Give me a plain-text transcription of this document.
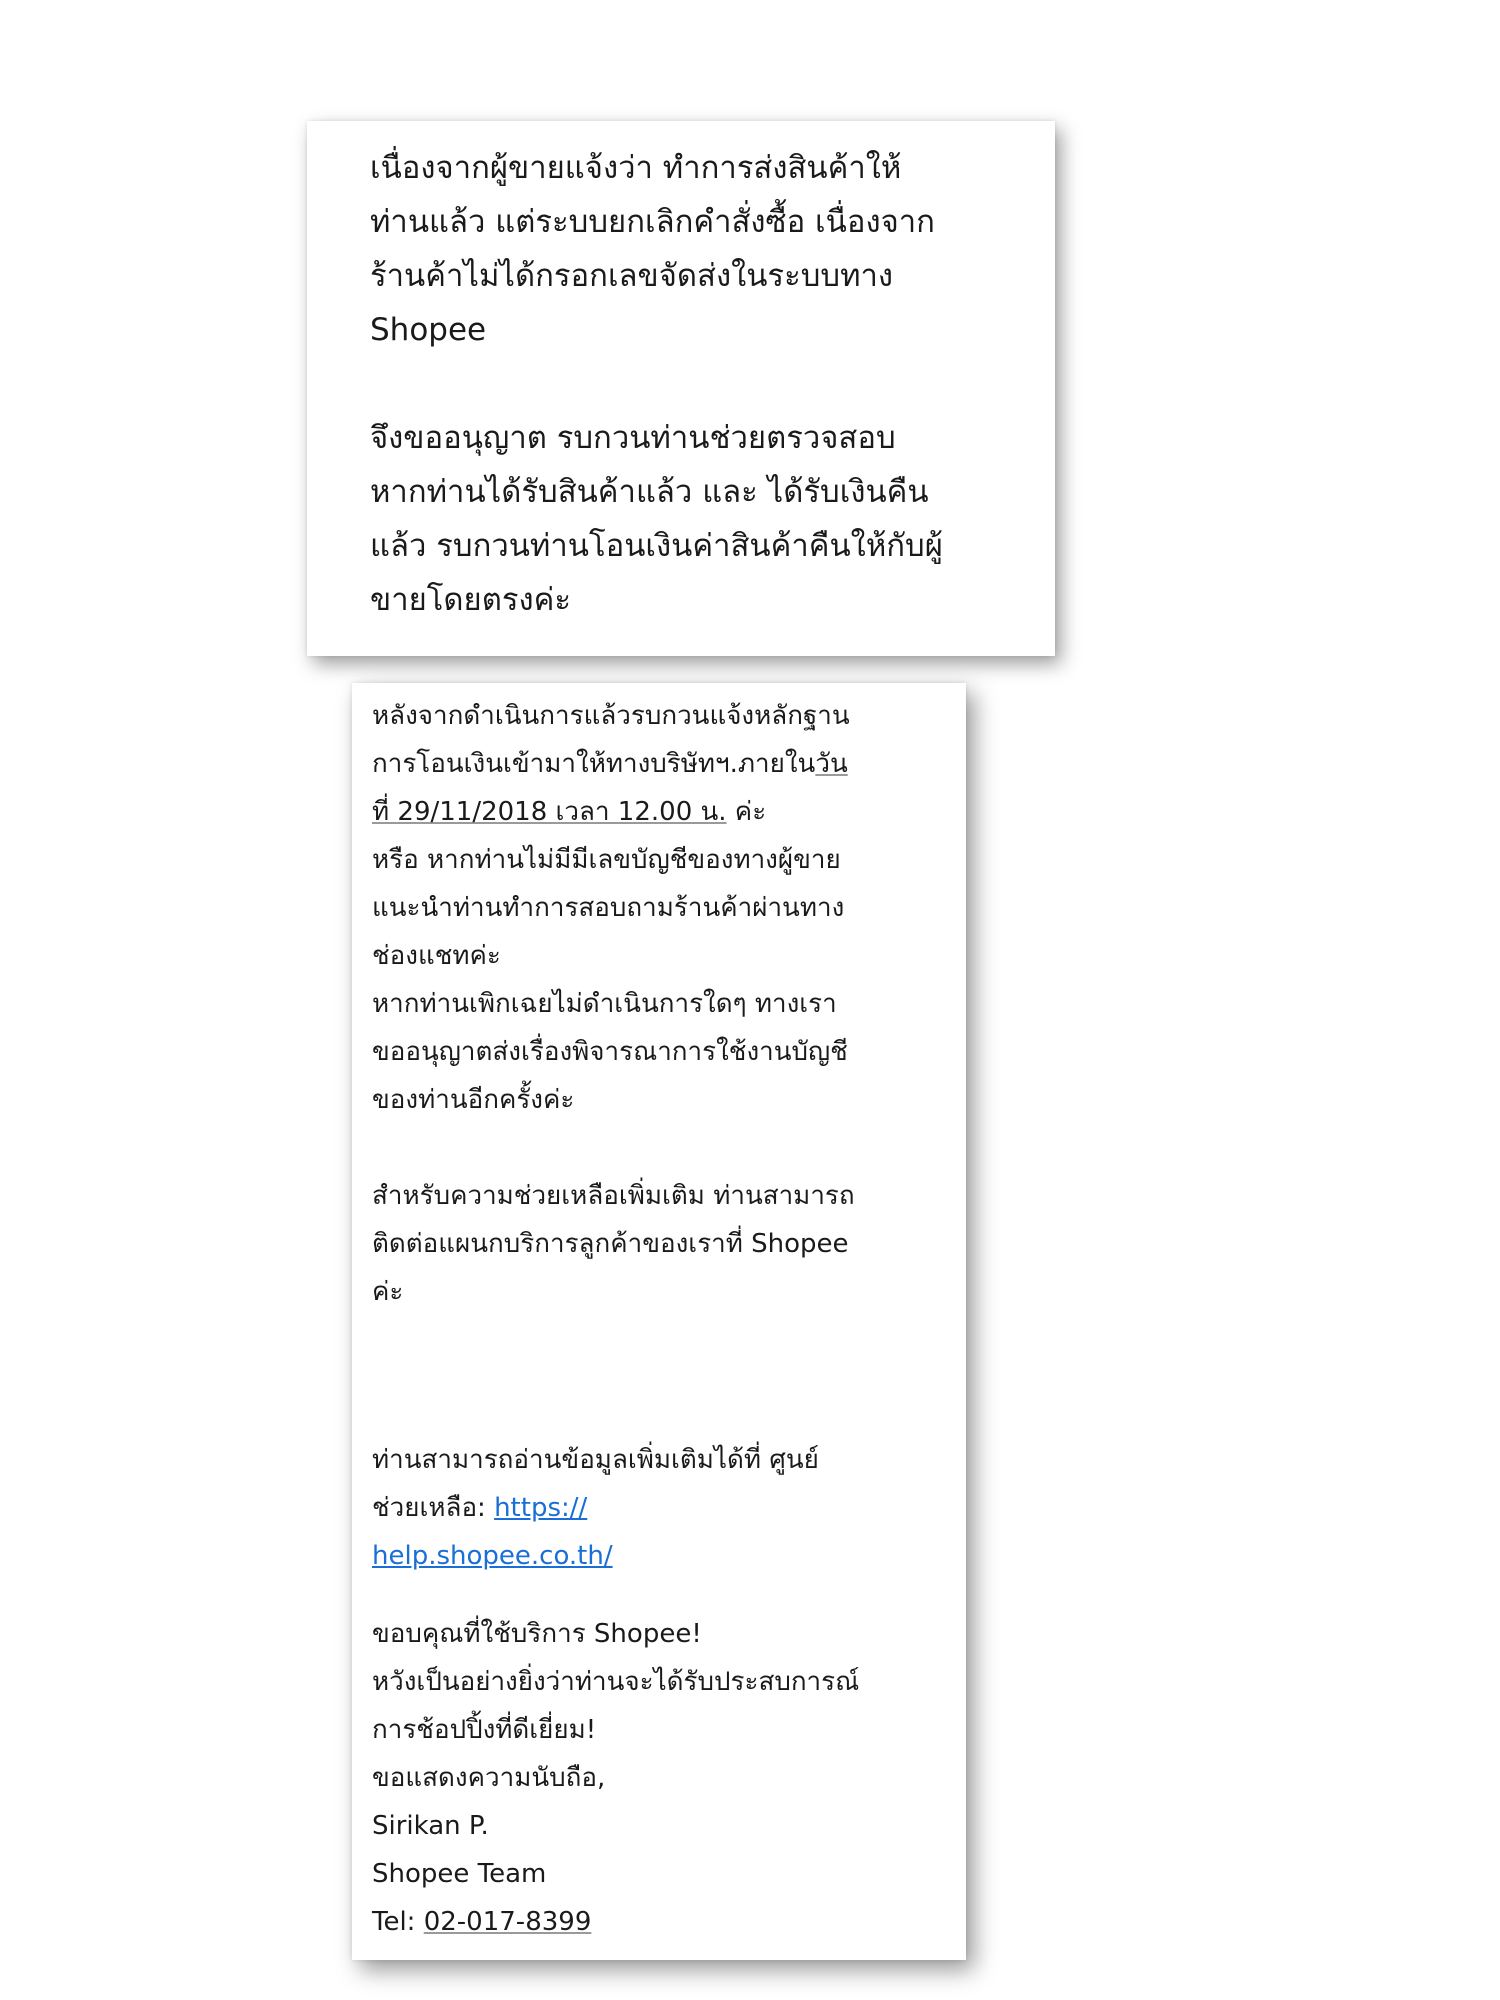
เนื่องจากผู้ขายแจ้งว่า ทำการส่งสินค้าให้
ท่านแล้ว แต่ระบบยกเลิกคำสั่งซื้อ เนื่องจาก
ร้านค้าไม่ได้กรอกเลขจัดส่งในระบบทาง
Shopee

จึงขออนุญาต รบกวนท่านช่วยตรวจสอบ
หากท่านได้รับสินค้าแล้ว และ ได้รับเงินคืน
แล้ว รบกวนท่านโอนเงินค่าสินค้าคืนให้กับผู้
ขายโดยตรงค่ะ

หลังจากดำเนินการแล้วรบกวนแจ้งหลักฐาน
การโอนเงินเข้ามาให้ทางบริษัทฯ.ภายในวัน
ที่ 29/11/2018 เวลา 12.00 น. ค่ะ
หรือ หากท่านไม่มีมีเลขบัญชีของทางผู้ขาย
แนะนำท่านทำการสอบถามร้านค้าผ่านทาง
ช่องแชทค่ะ
หากท่านเพิกเฉยไม่ดำเนินการใดๆ ทางเรา
ขออนุญาตส่งเรื่องพิจารณาการใช้งานบัญชี
ของท่านอีกครั้งค่ะ
สำหรับความช่วยเหลือเพิ่มเติม ท่านสามารถ
ติดต่อแผนกบริการลูกค้าของเราที่ Shopee
ค่ะ
ท่านสามารถอ่านข้อมูลเพิ่มเติมได้ที่ ศูนย์
ช่วยเหลือ: https://
help.shopee.co.th/
ขอบคุณที่ใช้บริการ Shopee!
หวังเป็นอย่างยิ่งว่าท่านจะได้รับประสบการณ์
การช้อปปิ้งที่ดีเยี่ยม!
ขอแสดงความนับถือ,
Sirikan P.
Shopee Team
Tel: 02-017-8399
